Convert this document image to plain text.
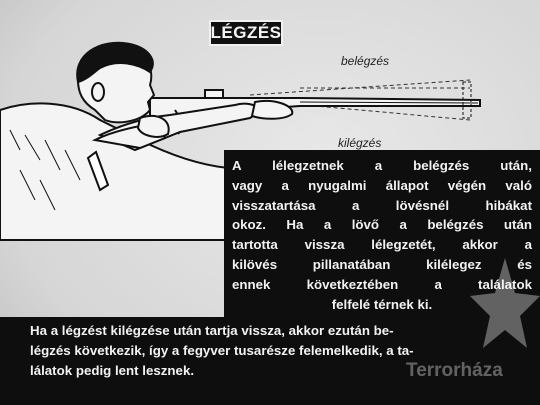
LÉGZÉS
belégzés
kilégzés
A lélegzetnek a belégzés után,
vagy a nyugalmi állapot végén való
visszatartása a lövésnél hibákat
okoz. Ha a lövő a belégzés után
tartotta vissza lélegzetét, akkor a
kilövés pillanatában kilélegez és
ennek következtében a találatok
felfelé térnek ki.
Ha a légzést kilégzése után tartja vissza, akkor ezután be-
légzés következik, így a fegyver tusarésze felemelkedik, a ta-
lálatok pedig lent lesznek.	Terrorháza
